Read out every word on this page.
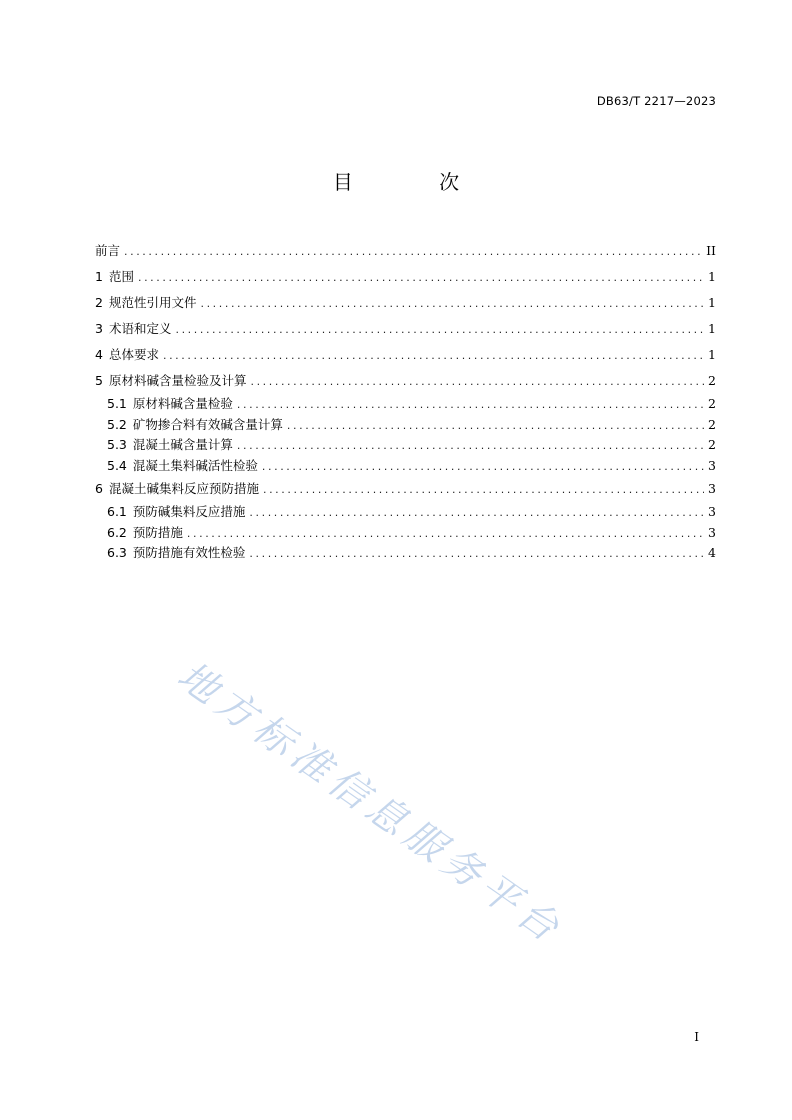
DB63/T 2217—2023
目 次
前言 .....	II
1 范围 .....	1
2 规范性引用文件 .....	1
3 术语和定义 .....	1
4 总体要求 .....	1
5 原材料碱含量检验及计算 .....	2
5.1 原材料碱含量检验 .....	2
5.2 矿物掺合料有效碱含量计算 .....	2
5.3 混凝土碱含量计算 .....	2
5.4 混凝土集料碱活性检验 .....	3
6 混凝土碱集料反应预防措施 .....	3
6.1 预防碱集料反应措施 .....	3
6.2 预防措施 .....	3
6.3 预防措施有效性检验 .....	4
地方标准信息服务平台
I
